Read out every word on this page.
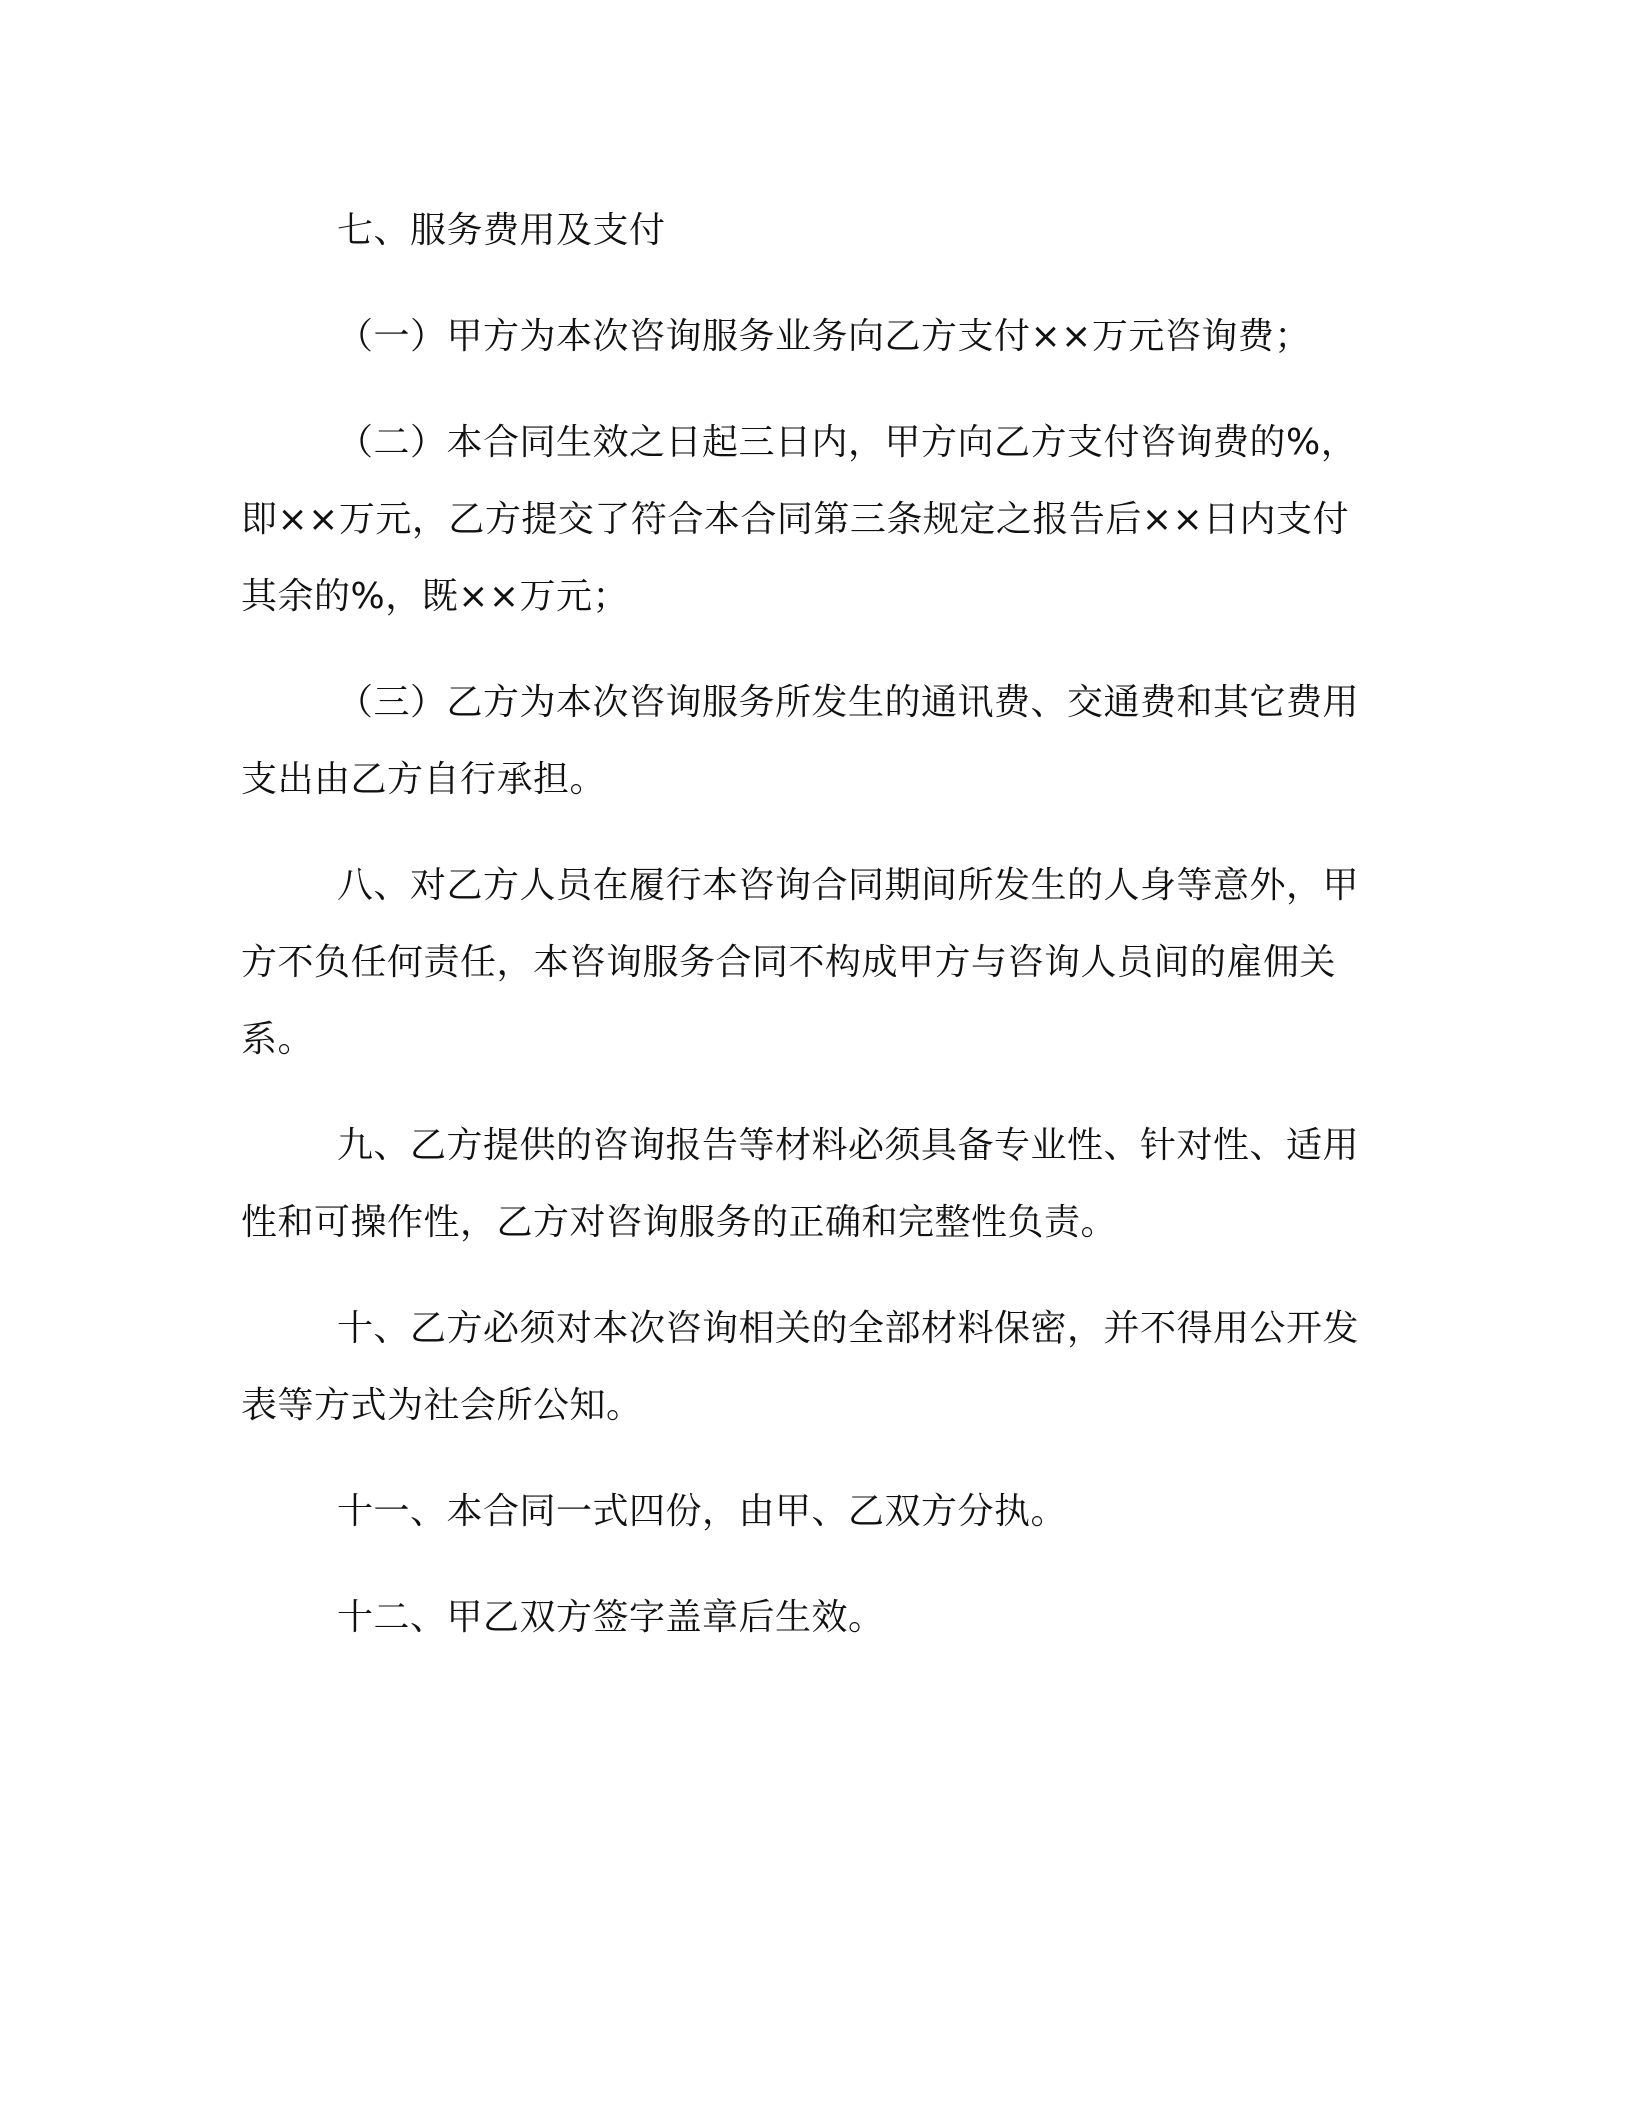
七、服务费用及支付

（一）甲方为本次咨询服务业务向乙方支付××万元咨询费；

（二）本合同生效之日起三日内，甲方向乙方支付咨询费的%，即××万元，乙方提交了符合本合同第三条规定之报告后××日内支付其余的%，既××万元；

（三）乙方为本次咨询服务所发生的通讯费、交通费和其它费用支出由乙方自行承担。

八、对乙方人员在履行本咨询合同期间所发生的人身等意外，甲方不负任何责任，本咨询服务合同不构成甲方与咨询人员间的雇佣关系。

九、乙方提供的咨询报告等材料必须具备专业性、针对性、适用性和可操作性，乙方对咨询服务的正确和完整性负责。

十、乙方必须对本次咨询相关的全部材料保密，并不得用公开发表等方式为社会所公知。

十一、本合同一式四份，由甲、乙双方分执。

十二、甲乙双方签字盖章后生效。
